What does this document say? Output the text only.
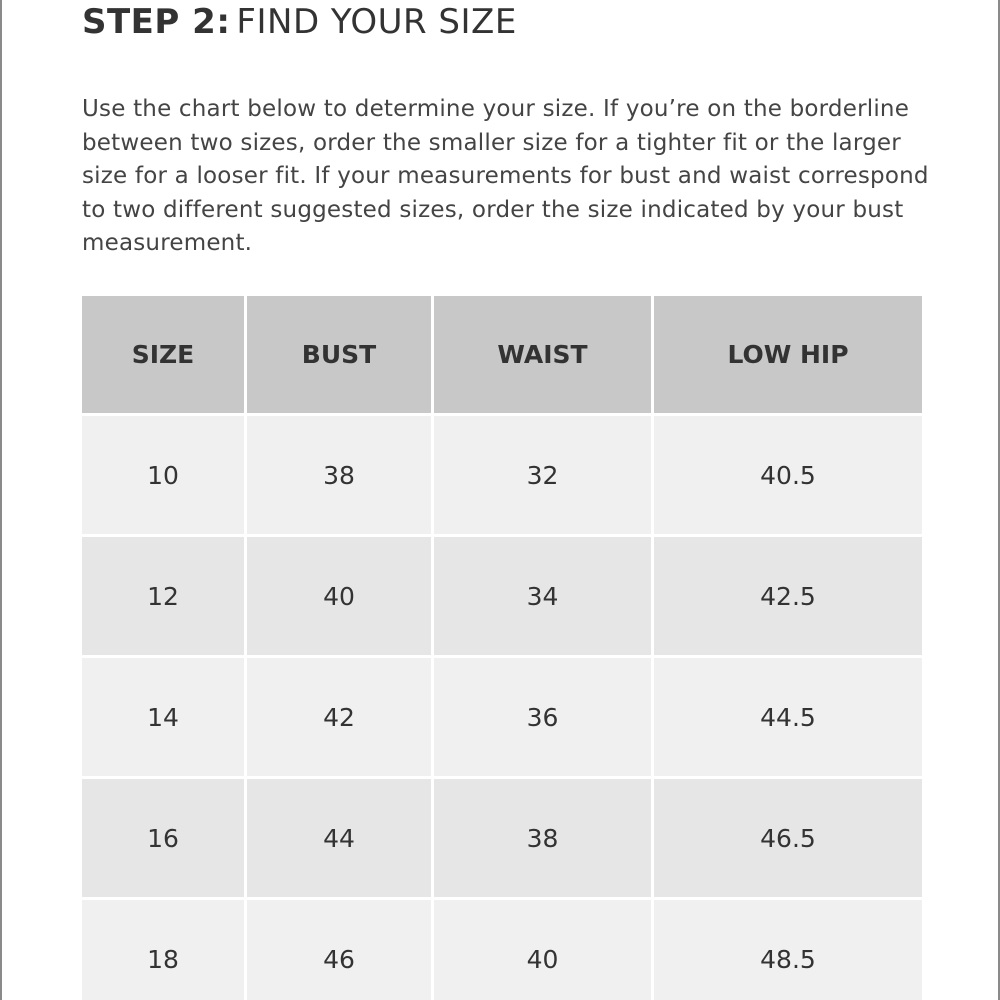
STEP 2: FIND YOUR SIZE

Use the chart below to determine your size. If you’re on the borderline between two sizes, order the smaller size for a tighter fit or the larger size for a looser fit. If your measurements for bust and waist correspond to two different suggested sizes, order the size indicated by your bust measurement.

SIZE	BUST	WAIST	LOW HIP
10	38	32	40.5
12	40	34	42.5
14	42	36	44.5
16	44	38	46.5
18	46	40	48.5
